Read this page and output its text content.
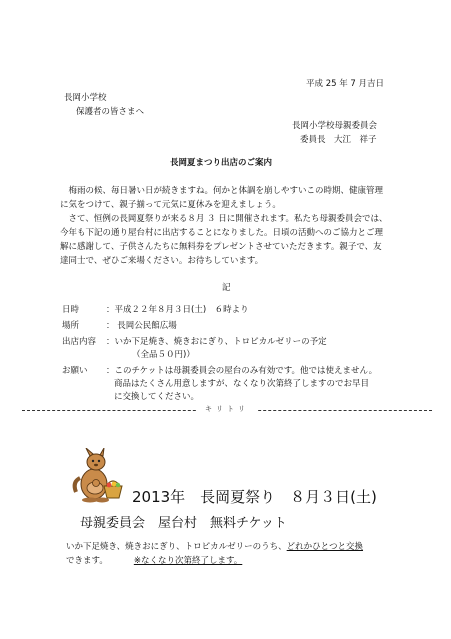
平成 25 年 7 月吉日
長岡小学校
保護者の皆さまへ
長岡小学校母親委員会
委員長　大江　祥子
長岡夏まつり出店のご案内

梅雨の候、毎日暑い日が続きますね。何かと体調を崩しやすいこの時期、健康管理に気をつけて、親子揃って元気に夏休みを迎えましょう。

さて、恒例の長岡夏祭りが来る８月 ３ 日に開催されます。私たち母親委員会では、今年も下記の通り屋台村に出店することになりました。日頃の活動へのご協力とご理解に感謝して、子供さんたちに無料券をプレゼントさせていただきます。親子で、友達同士で、ぜひご来場ください。お待ちしています。

記
日時	：平成２２年８月３日(土)　６時より
場所	： 長岡公民館広場
出店内容 ：いか下足焼き、焼きおにぎり、トロピカルゼリーの予定
（全品５０円)）
お願い ：このチケットは母親委員会の屋台のみ有効です。他では使えません。
商品はたくさん用意しますが、なくなり次第終了しますのでお早目
に交換してください。
キリトリ
2013年　長岡夏祭り　８月３日(土)
母親委員会　屋台村　無料チケット
いか下足焼き、焼きおにぎり、トロピカルゼリーのうち、どれかひとつと交換
できます。	※なくなり次第終了します。
